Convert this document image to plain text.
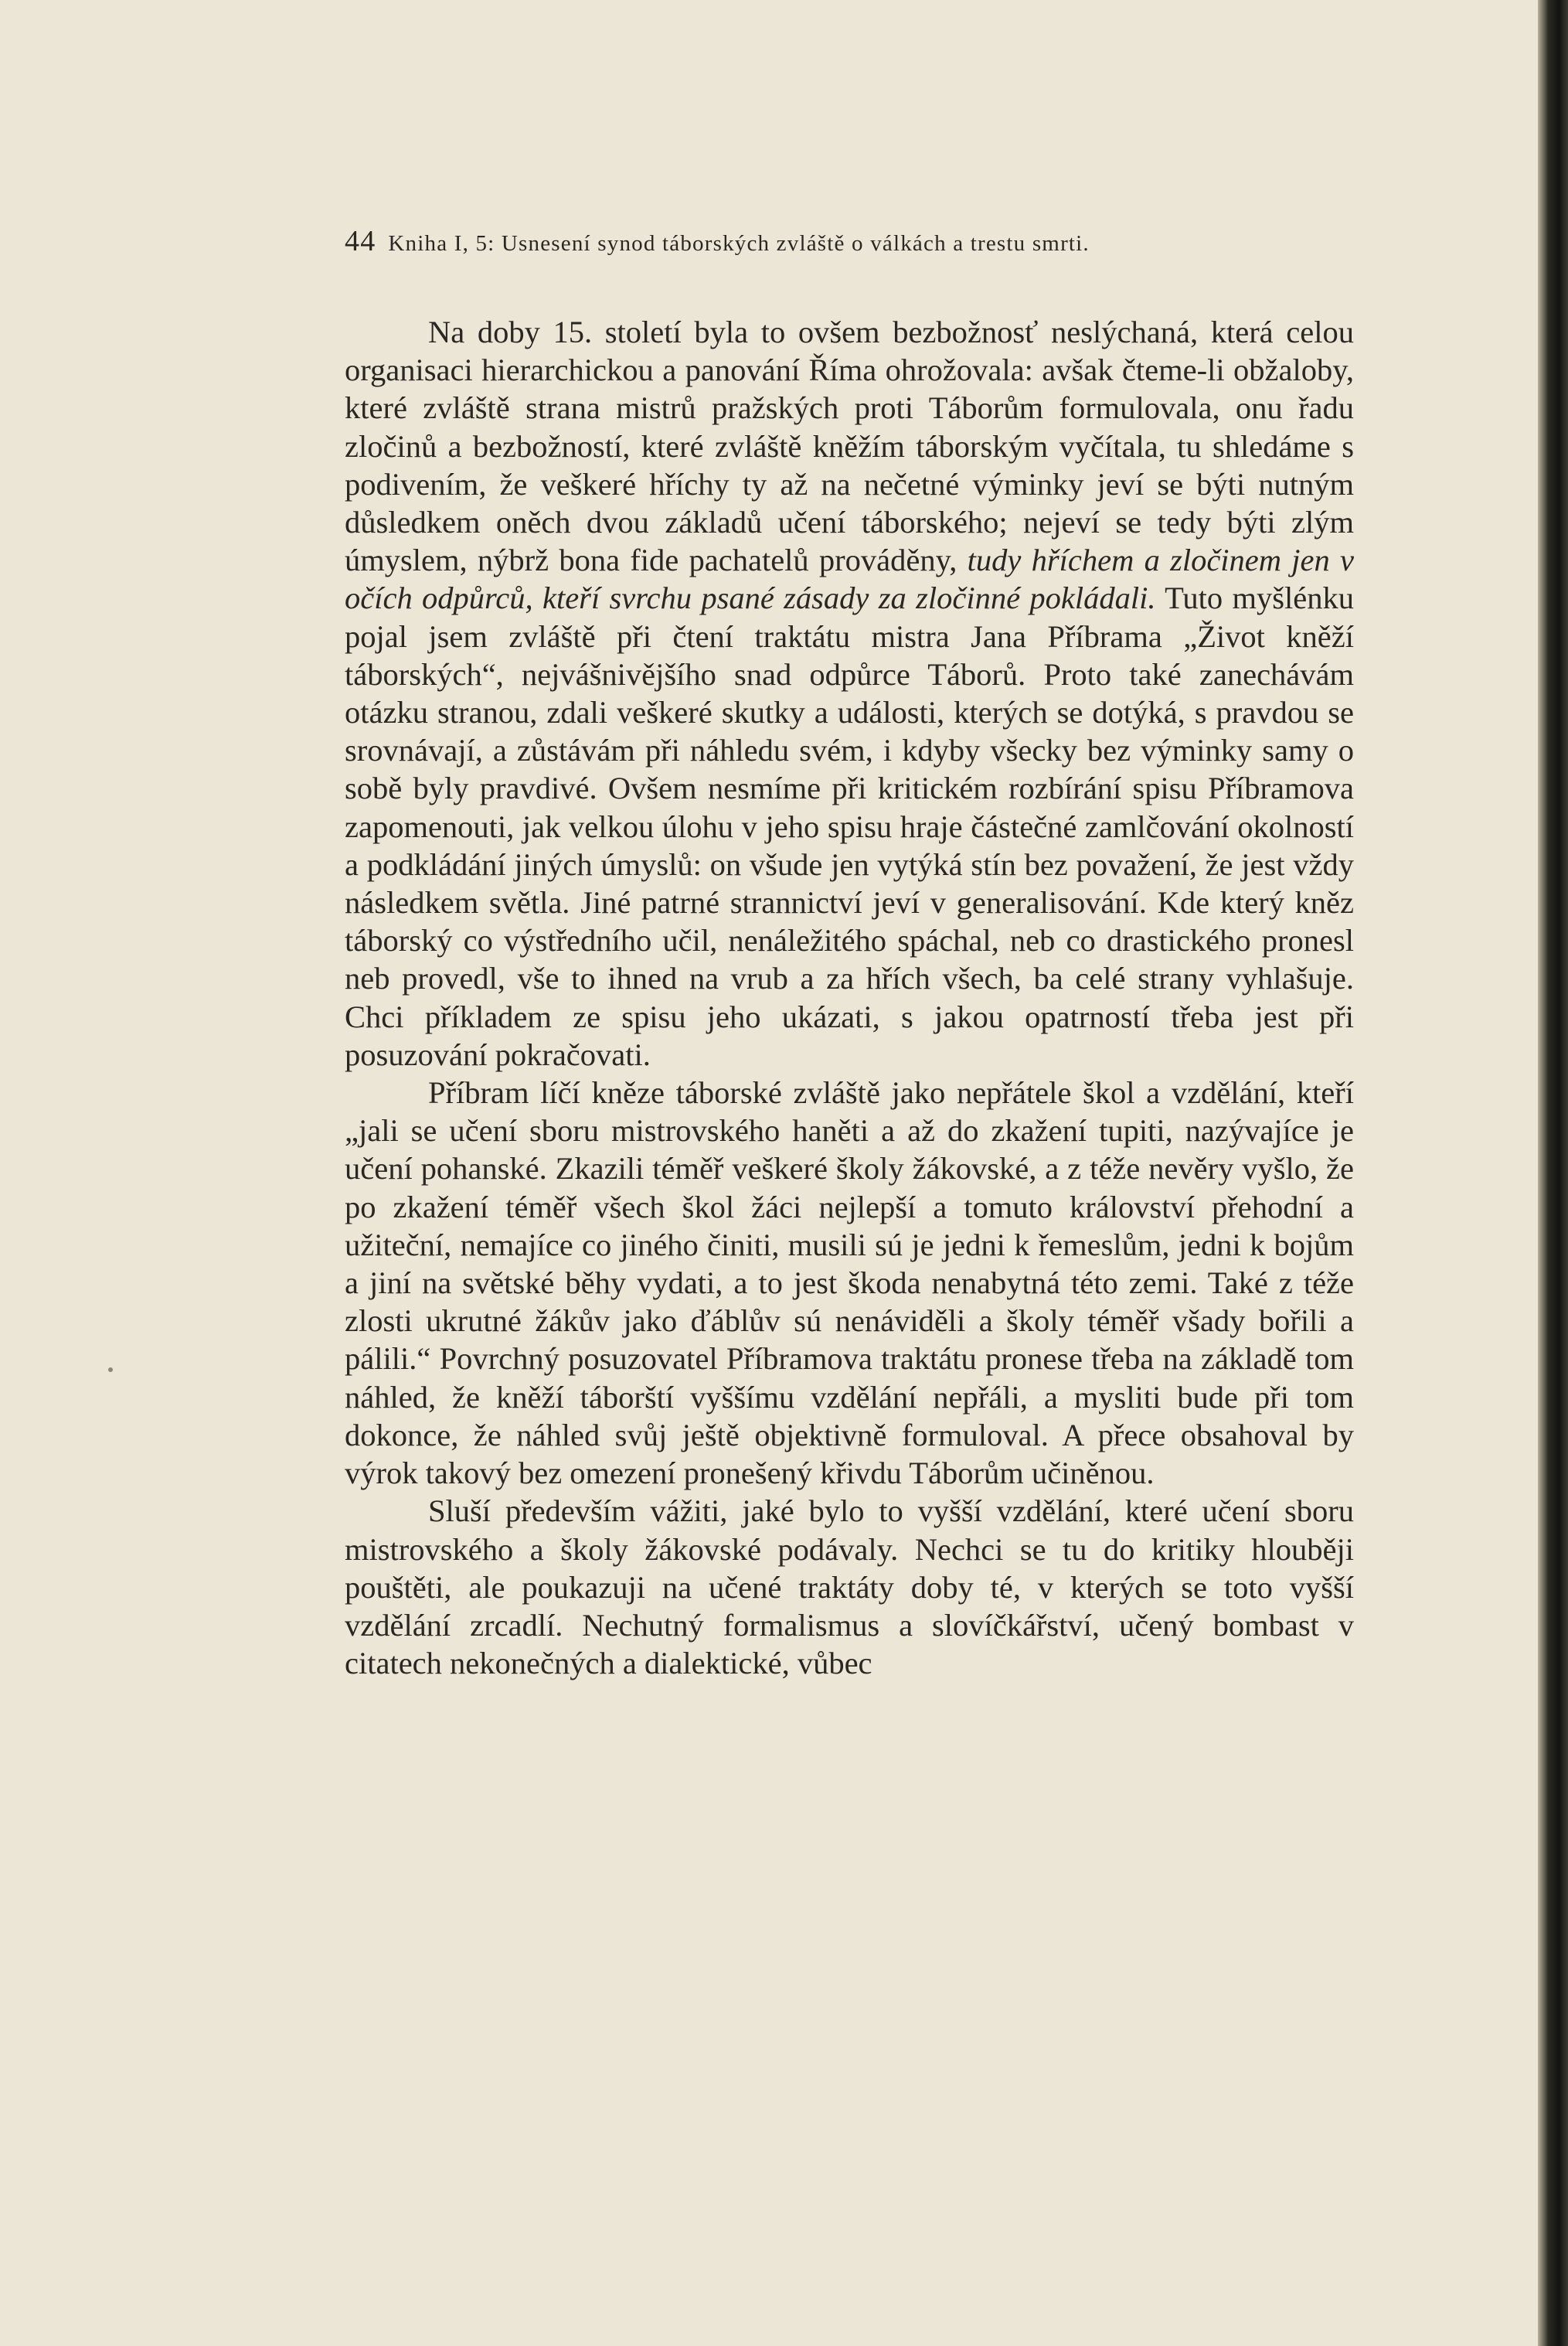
44 Kniha I, 5: Usnesení synod táborských zvláště o válkách a trestu smrti.

Na doby 15. století byla to ovšem bezbožnosť neslýchaná, která celou organisaci hierarchickou a panování Říma ohrožovala: avšak čteme-li obžaloby, které zvláště strana mistrů pražských proti Táborům formulovala, onu řadu zločinů a bezbožností, které zvláště kněžím táborským vyčítala, tu shledáme s podivením, že veškeré hříchy ty až na nečetné výminky jeví se býti nutným důsledkem oněch dvou základů učení táborského; nejeví se tedy býti zlým úmyslem, nýbrž bona fide pachatelů prováděny, tudy hříchem a zločinem jen v očích odpůrců, kteří svrchu psané zásady za zločinné pokládali. Tuto myšlénku pojal jsem zvláště při čtení traktátu mistra Jana Příbrama „Život kněží táborských“, nejvášnivějšího snad odpůrce Táborů. Proto také zanechávám otázku stranou, zdali veškeré skutky a události, kterých se dotýká, s pravdou se srovnávají, a zůstávám při náhledu svém, i kdyby všecky bez výminky samy o sobě byly pravdivé. Ovšem nesmíme při kritickém rozbírání spisu Příbramova zapomenouti, jak velkou úlohu v jeho spisu hraje částečné zamlčování okolností a podkládání jiných úmyslů: on všude jen vytýká stín bez považení, že jest vždy následkem světla. Jiné patrné strannictví jeví v generalisování. Kde který kněz táborský co výstředního učil, nenáležitého spáchal, neb co drastického pronesl neb provedl, vše to ihned na vrub a za hřích všech, ba celé strany vyhlašuje. Chci příkladem ze spisu jeho ukázati, s jakou opatrností třeba jest při posuzování pokračovati.

Příbram líčí kněze táborské zvláště jako nepřátele škol a vzdělání, kteří „jali se učení sboru mistrovského haněti a až do zkažení tupiti, nazývajíce je učení pohanské. Zkazili téměř veškeré školy žákovské, a z téže nevěry vyšlo, že po zkažení téměř všech škol žáci nejlepší a tomuto království přehodní a užiteční, nemajíce co jiného činiti, musili sú je jedni k řemeslům, jedni k bojům a jiní na světské běhy vydati, a to jest škoda nenabytná této zemi. Také z téže zlosti ukrutné žákův jako ďáblův sú nenáviděli a školy téměř všady bořili a pálili.“ Povrchný posuzovatel Příbramova traktátu pronese třeba na základě tom náhled, že kněží táborští vyššímu vzdělání nepřáli, a mysliti bude při tom dokonce, že náhled svůj ještě objektivně formuloval. A přece obsahoval by výrok takový bez omezení pronešený křivdu Táborům učiněnou.

Sluší především vážiti, jaké bylo to vyšší vzdělání, které učení sboru mistrovského a školy žákovské podávaly. Nechci se tu do kritiky hlouběji pouštěti, ale poukazuji na učené traktáty doby té, v kterých se toto vyšší vzdělání zrcadlí. Nechutný formalismus a slovíčkářství, učený bombast v citatech nekonečných a dialektické, vůbec
